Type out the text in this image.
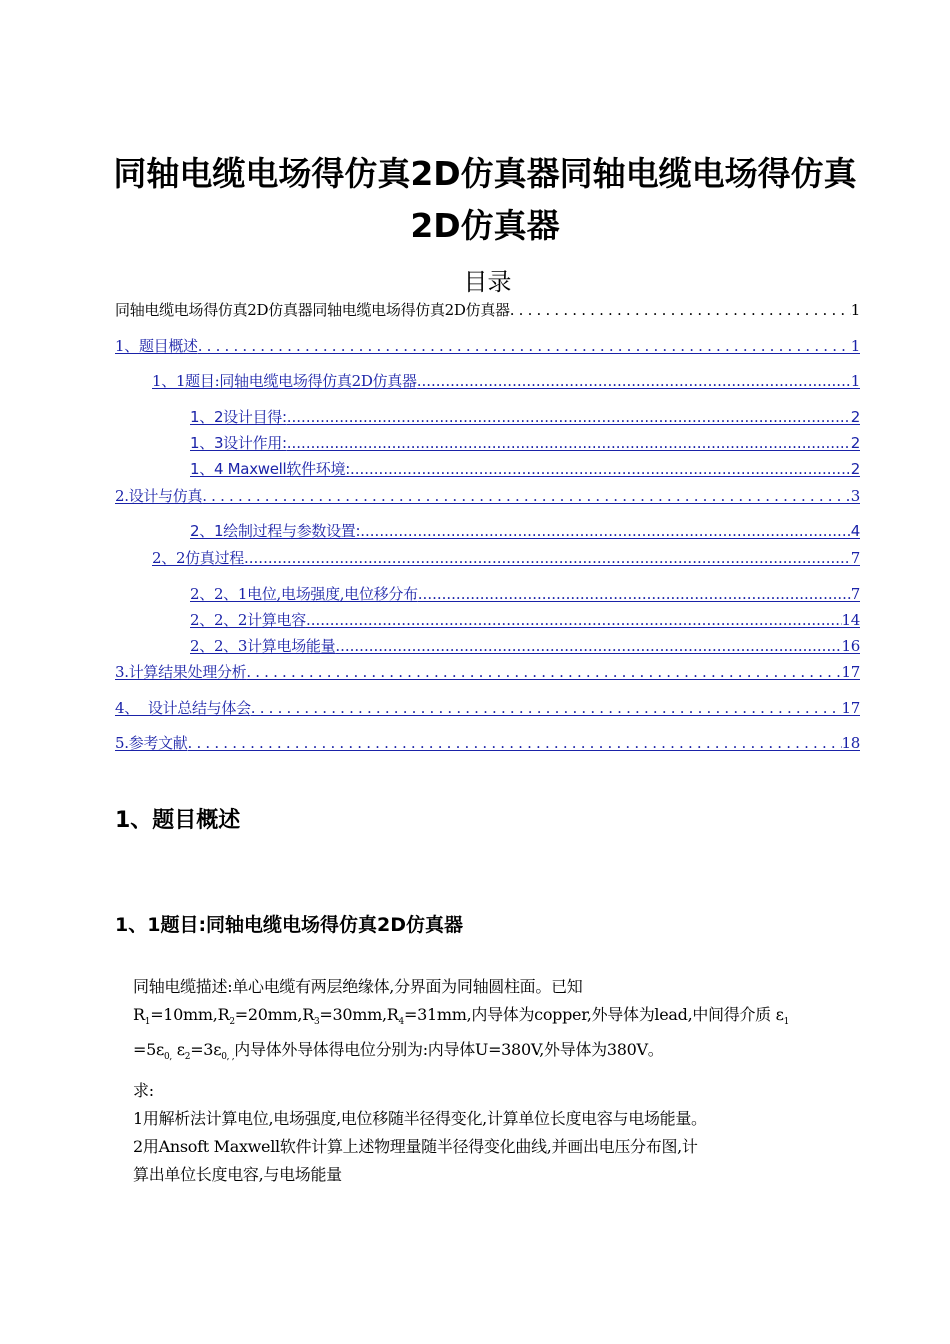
同轴电缆电场得仿真2D仿真器同轴电缆电场得仿真2D仿真器
目录
同轴电缆电场得仿真2D仿真器同轴电缆电场得仿真2D仿真器 . . .	1
1、题目概述 . . .	1
1、1题目:同轴电缆电场得仿真2D仿真器 .....	1
1、2设计目得: .....	2
1、3设计作用: .....	2
1、4 Maxwell软件环境: .....	2
2.设计与仿真 . . .	3
2、1绘制过程与参数设置: .....	4
2、2仿真过程 .....	7
2、2、1电位,电场强度,电位移分布 .....	7
2、2、2计算电容 .....	14
2、2、3计算电场能量 .....	16
3.计算结果处理分析 . . .	17
4、  设计总结与体会 . . .	17
5.参考文献 . . .	18
1、题目概述
1、1题目:同轴电缆电场得仿真2D仿真器

同轴电缆描述:单心电缆有两层绝缘体,分界面为同轴圆柱面。已知
$R_1=10mm,R_2=20mm,R_3=30mm,R_4=31mm$,内导体为copper,外导体为lead,中间得介质 $\varepsilon_1$
$=5\varepsilon_{0,}$ $\varepsilon_2=3\varepsilon_{0, ,}$内导体外导体得电位分别为:内导体U=380V,外导体为380V。

求:
1用解析法计算电位,电场强度,电位移随半径得变化,计算单位长度电容与电场能量。
2用Ansoft Maxwell软件计算上述物理量随半径得变化曲线,并画出电压分布图,计
算出单位长度电容,与电场能量
